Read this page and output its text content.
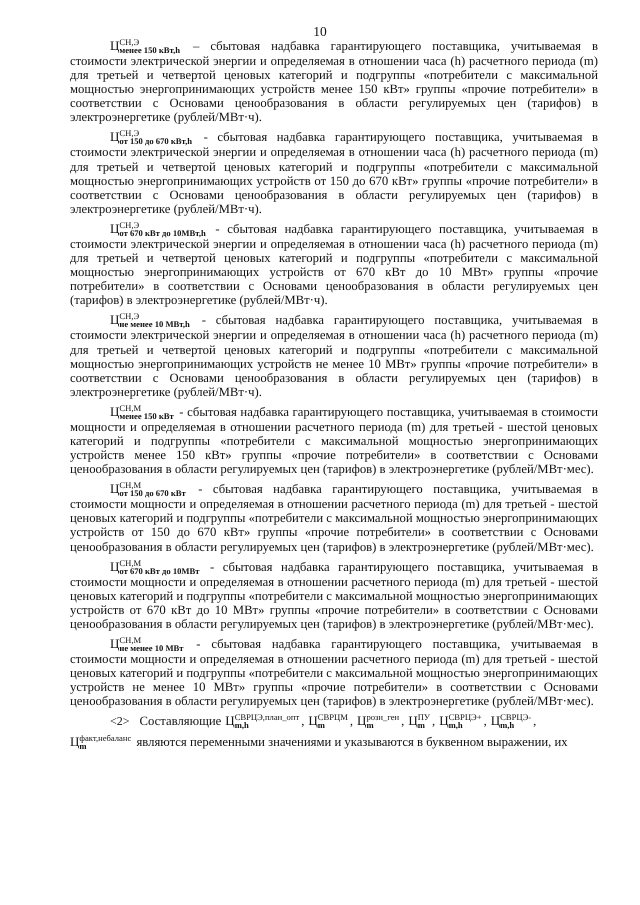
10

Ц СН,Э
менее 150 кВт,h – сбытовая надбавка гарантирующего поставщика, учитываемая в стоимости электрической энергии и определяемая в отношении часа (h) расчетного периода (m) для третьей и четвертой ценовых категорий и подгруппы «потребители с максимальной мощностью энергопринимающих устройств менее 150 кВт» группы «прочие потребители» в соответствии с Основами ценообразования в области регулируемых цен (тарифов) в электроэнергетике (рублей/МВт·ч).

Ц СН,Э
от 150 до 670 кВт,h - сбытовая надбавка гарантирующего поставщика, учитываемая в стоимости электрической энергии и определяемая в отношении часа (h) расчетного периода (m) для третьей и четвертой ценовых категорий и подгруппы «потребители с максимальной мощностью энергопринимающих устройств от 150 до 670 кВт» группы «прочие потребители» в соответствии с Основами ценообразования в области регулируемых цен (тарифов) в электроэнергетике (рублей/МВт·ч).

Ц СН,Э
от 670 кВт до 10МВт,h - сбытовая надбавка гарантирующего поставщика, учитываемая в стоимости электрической энергии и определяемая в отношении часа (h) расчетного периода (m) для третьей и четвертой ценовых категорий и подгруппы «потребители с максимальной мощностью энергопринимающих устройств от 670 кВт до 10 МВт» группы «прочие потребители» в соответствии с Основами ценообразования в области регулируемых цен (тарифов) в электроэнергетике (рублей/МВт·ч).

Ц СН,Э
не менее 10 МВт,h - сбытовая надбавка гарантирующего поставщика, учитываемая в стоимости электрической энергии и определяемая в отношении часа (h) расчетного периода (m) для третьей и четвертой ценовых категорий и подгруппы «потребители с максимальной мощностью энергопринимающих устройств не менее 10 МВт» группы «прочие потребители» в соответствии с Основами ценообразования в области регулируемых цен (тарифов) в электроэнергетике (рублей/МВт·ч).

Ц СН,М
менее 150 кВт - сбытовая надбавка гарантирующего поставщика, учитываемая в стоимости мощности и определяемая в отношении расчетного периода (m) для третьей - шестой ценовых категорий и подгруппы «потребители с максимальной мощностью энергопринимающих устройств менее 150 кВт» группы «прочие потребители» в соответствии с Основами ценообразования в области регулируемых цен (тарифов) в электроэнергетике (рублей/МВт·мес).

Ц СН,М
от 150 до 670 кВт - сбытовая надбавка гарантирующего поставщика, учитываемая в стоимости мощности и определяемая в отношении расчетного периода (m) для третьей - шестой ценовых категорий и подгруппы «потребители с максимальной мощностью энергопринимающих устройств от 150 до 670 кВт» группы «прочие потребители» в соответствии с Основами ценообразования в области регулируемых цен (тарифов) в электроэнергетике (рублей/МВт·мес).

Ц СН,М
от 670 кВт до 10МВт - сбытовая надбавка гарантирующего поставщика, учитываемая в стоимости мощности и определяемая в отношении расчетного периода (m) для третьей - шестой ценовых категорий и подгруппы «потребители с максимальной мощностью энергопринимающих устройств от 670 кВт до 10 МВт» группы «прочие потребители» в соответствии с Основами ценообразования в области регулируемых цен (тарифов) в электроэнергетике (рублей/МВт·мес).

Ц СН,М
не менее 10 МВт - сбытовая надбавка гарантирующего поставщика, учитываемая в стоимости мощности и определяемая в отношении расчетного периода (m) для третьей - шестой ценовых категорий и подгруппы «потребители с максимальной мощностью энергопринимающих устройств не менее 10 МВт» группы «прочие потребители» в соответствии с Основами ценообразования в области регулируемых цен (тарифов) в электроэнергетике (рублей/МВт·мес).

<2> Составляющие Ц СВРЦЭ,план_опт
m,h	, Ц СВРЦМ
m	, Ц розн_ген
m	, Ц ПУ
m , Ц СВРЦЭ+
m,h	, Ц СВРЦЭ-
m,h	,

Ц факт,небаланс
m	являются переменными значениями и указываются в буквенном выражении, их
